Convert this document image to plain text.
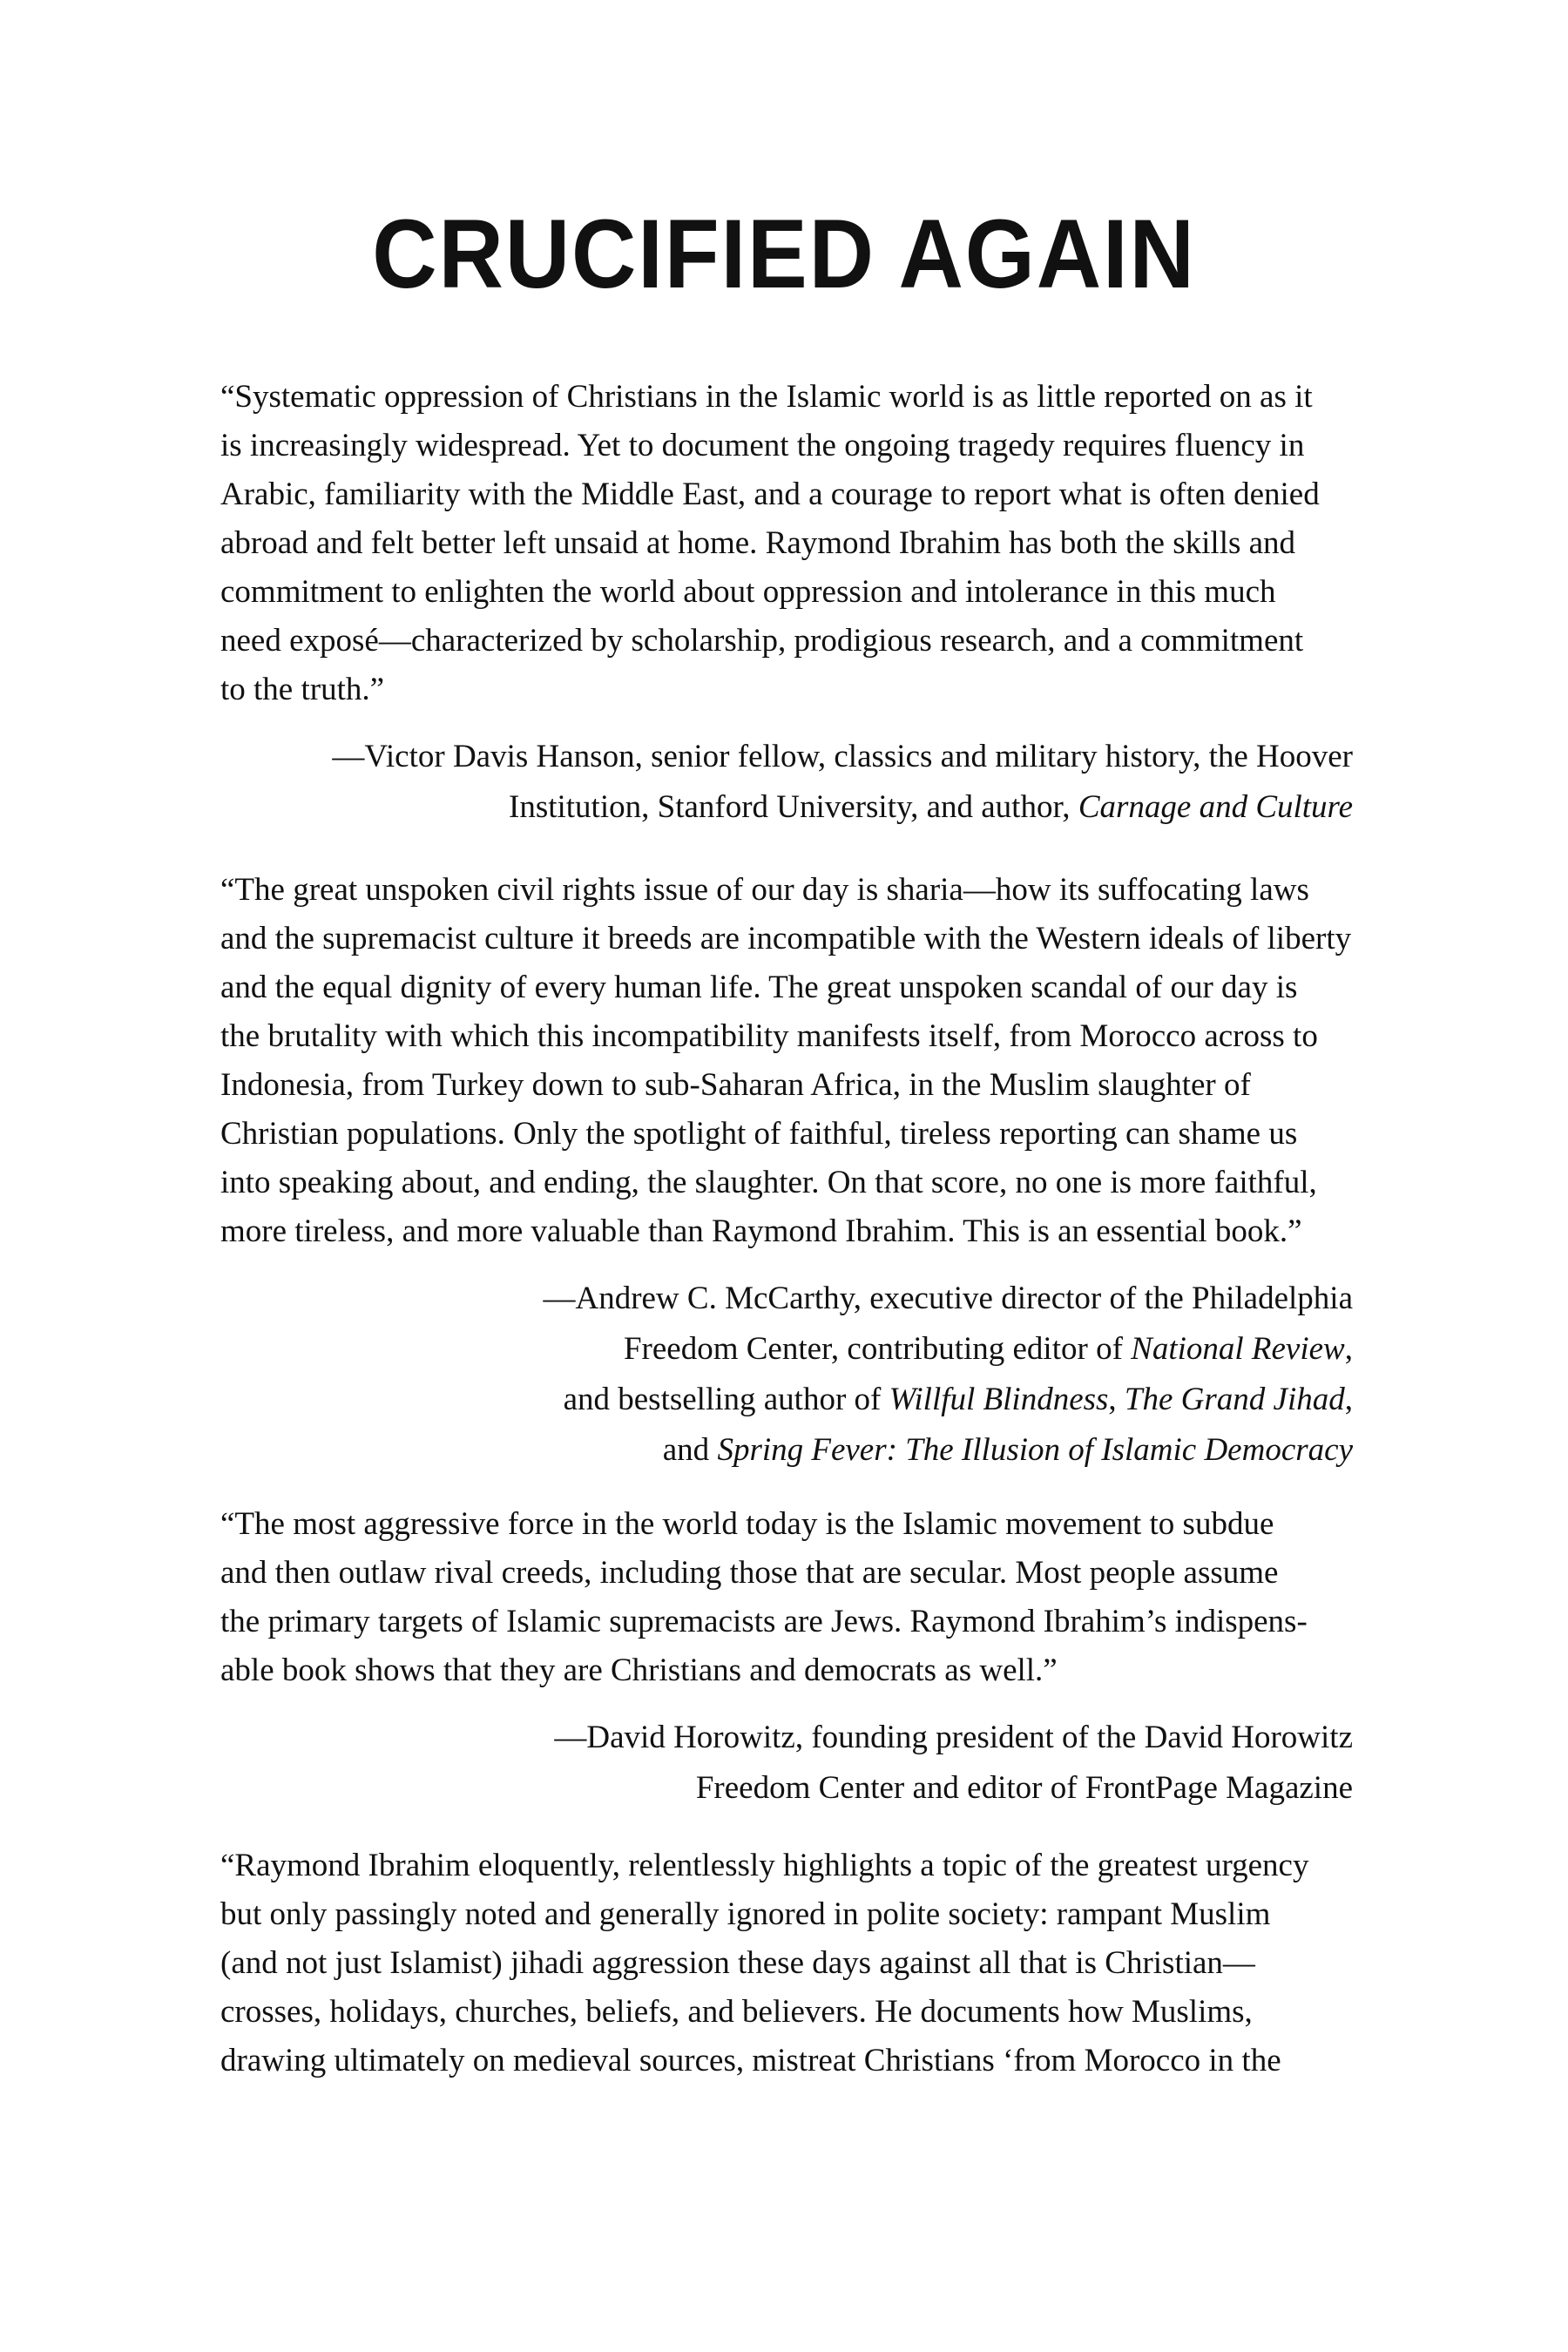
CRUCIFIED AGAIN

“Systematic oppression of Christians in the Islamic world is as little reported on as it
is increasingly widespread. Yet to document the ongoing tragedy requires fluency in
Arabic, familiarity with the Middle East, and a courage to report what is often denied
abroad and felt better left unsaid at home. Raymond Ibrahim has both the skills and
commitment to enlighten the world about oppression and intolerance in this much
need exposé—characterized by scholarship, prodigious research, and a commitment
to the truth.”

—Victor Davis Hanson, senior fellow, classics and military history, the Hoover
Institution, Stanford University, and author, Carnage and Culture

“The great unspoken civil rights issue of our day is sharia—how its suffocating laws
and the supremacist culture it breeds are incompatible with the Western ideals of liberty
and the equal dignity of every human life. The great unspoken scandal of our day is
the brutality with which this incompatibility manifests itself, from Morocco across to
Indonesia, from Turkey down to sub-Saharan Africa, in the Muslim slaughter of
Christian populations. Only the spotlight of faithful, tireless reporting can shame us
into speaking about, and ending, the slaughter. On that score, no one is more faithful,
more tireless, and more valuable than Raymond Ibrahim. This is an essential book.”

—Andrew C. McCarthy, executive director of the Philadelphia
Freedom Center, contributing editor of National Review,
and bestselling author of Willful Blindness, The Grand Jihad,
and Spring Fever: The Illusion of Islamic Democracy

“The most aggressive force in the world today is the Islamic movement to subdue
and then outlaw rival creeds, including those that are secular. Most people assume
the primary targets of Islamic supremacists are Jews. Raymond Ibrahim’s indispens-
able book shows that they are Christians and democrats as well.”

—David Horowitz, founding president of the David Horowitz
Freedom Center and editor of FrontPage Magazine

“Raymond Ibrahim eloquently, relentlessly highlights a topic of the greatest urgency
but only passingly noted and generally ignored in polite society: rampant Muslim
(and not just Islamist) jihadi aggression these days against all that is Christian—
crosses, holidays, churches, beliefs, and believers. He documents how Muslims,
drawing ultimately on medieval sources, mistreat Christians ‘from Morocco in the
